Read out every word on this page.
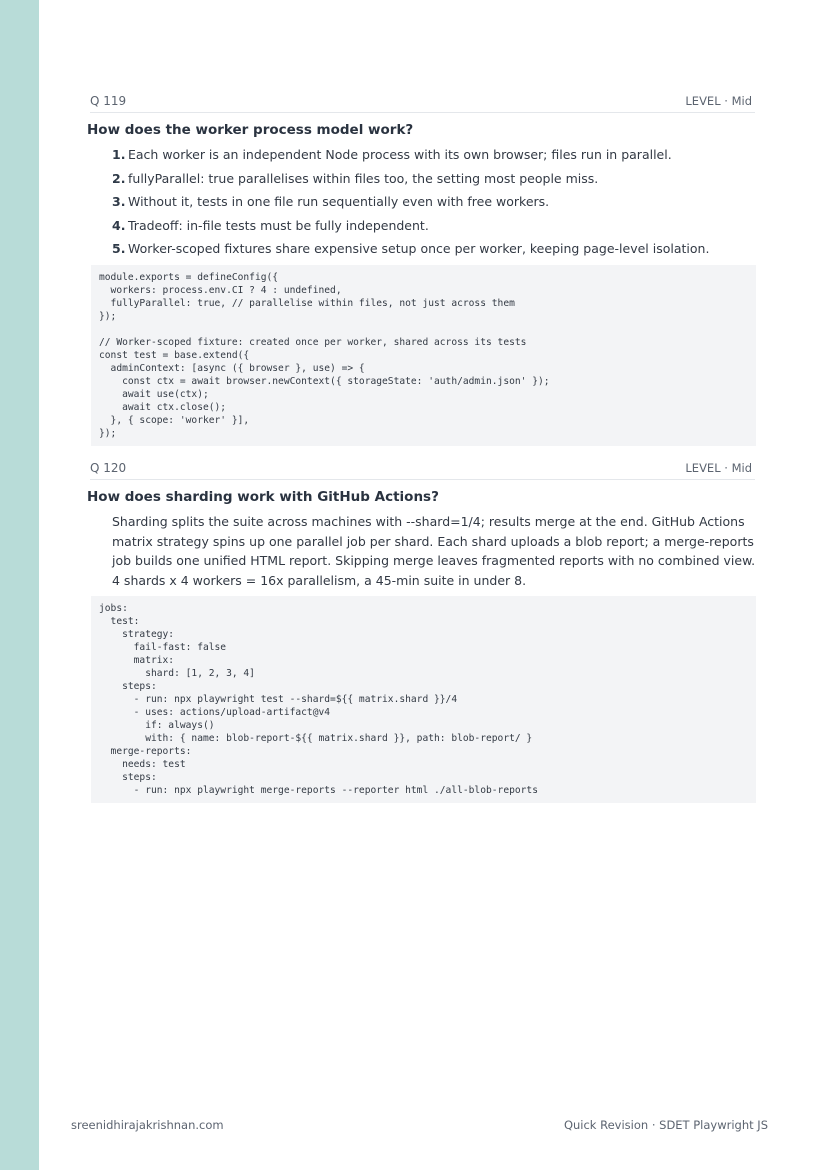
Q 119	LEVEL · Mid
How does the worker process model work?
1. Each worker is an independent Node process with its own browser; files run in parallel.
2. fullyParallel: true parallelises within files too, the setting most people miss.
3. Without it, tests in one file run sequentially even with free workers.
4. Tradeoff: in-file tests must be fully independent.
5. Worker-scoped fixtures share expensive setup once per worker, keeping page-level isolation.
module.exports = defineConfig({
workers: process.env.CI ? 4 : undefined,
fullyParallel: true, // parallelise within files, not just across them
});

// Worker-scoped fixture: created once per worker, shared across its tests
const test = base.extend({
adminContext: [async ({ browser }, use) => {
const ctx = await browser.newContext({ storageState: 'auth/admin.json' });
await use(ctx);
await ctx.close();
}, { scope: 'worker' }],
});
Q 120	LEVEL · Mid
How does sharding work with GitHub Actions?

Sharding splits the suite across machines with --shard=1/4; results merge at the end. GitHub Actions matrix strategy spins up one parallel job per shard. Each shard uploads a blob report; a merge-reports job builds one unified HTML report. Skipping merge leaves fragmented reports with no combined view. 4 shards x 4 workers = 16x parallelism, a 45-min suite in under 8.

jobs:
test:
strategy:
fail-fast: false
matrix:
shard: [1, 2, 3, 4]
steps:
- run: npx playwright test --shard=${{ matrix.shard }}/4
- uses: actions/upload-artifact@v4
if: always()
with: { name: blob-report-${{ matrix.shard }}, path: blob-report/ }
merge-reports:
needs: test
steps:
- run: npx playwright merge-reports --reporter html ./all-blob-reports
sreenidhirajakrishnan.com	Quick Revision · SDET Playwright JS
